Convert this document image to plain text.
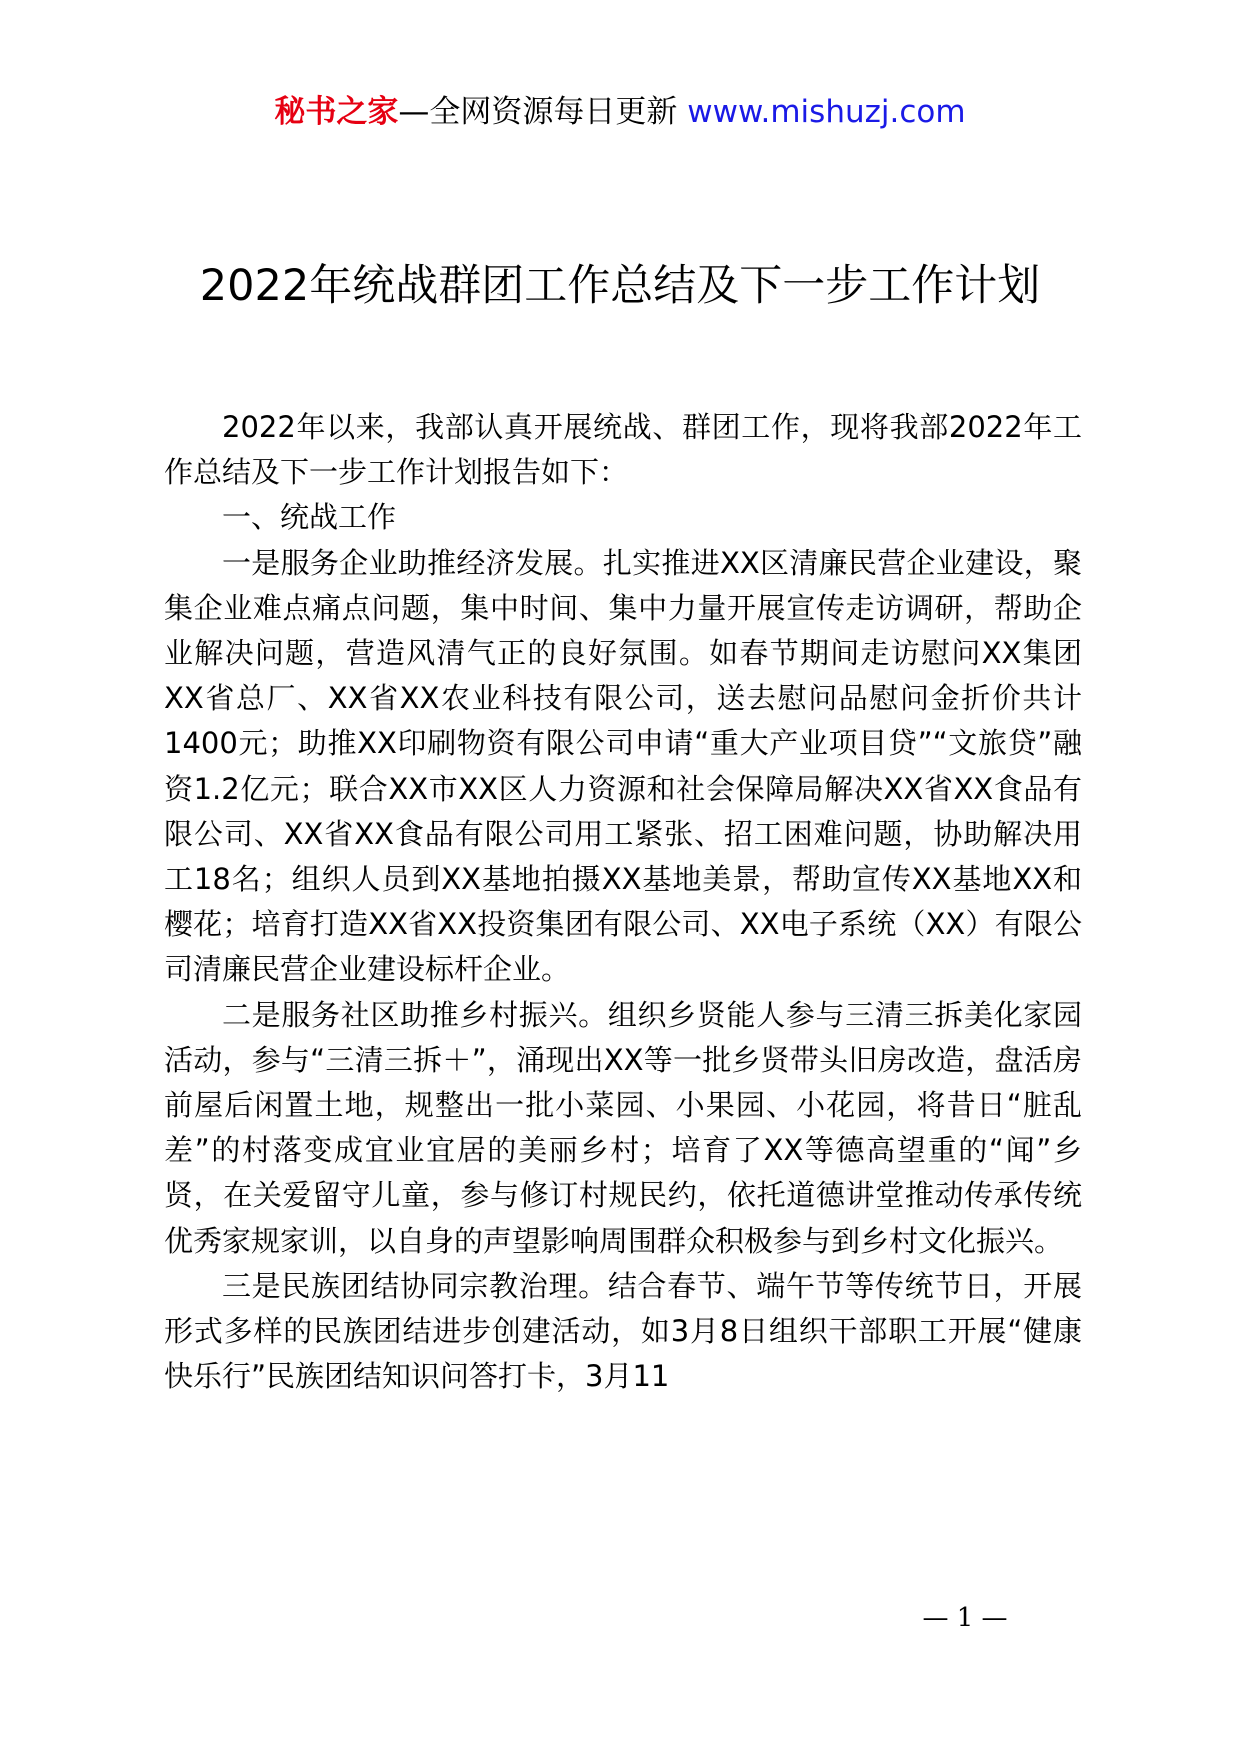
秘书之家—全网资源每日更新 www.mishuzj.com
2022年统战群团工作总结及下一步工作计划

2022年以来，我部认真开展统战、群团工作，现将我部2022年工作总结及下一步工作计划报告如下：

一、统战工作

一是服务企业助推经济发展。扎实推进XX区清廉民营企业建设，聚集企业难点痛点问题，集中时间、集中力量开展宣传走访调研，帮助企业解决问题，营造风清气正的良好氛围。如春节期间走访慰问XX集团XX省总厂、XX省XX农业科技有限公司，送去慰问品慰问金折价共计1400元；助推XX印刷物资有限公司申请“重大产业项目贷”“文旅贷”融资1.2亿元；联合XX市XX区人力资源和社会保障局解决XX省XX食品有限公司、XX省XX食品有限公司用工紧张、招工困难问题，协助解决用工18名；组织人员到XX基地拍摄XX基地美景，帮助宣传XX基地XX和樱花；培育打造XX省XX投资集团有限公司、XX电子系统（XX）有限公司清廉民营企业建设标杆企业。

二是服务社区助推乡村振兴。组织乡贤能人参与三清三拆美化家园活动，参与“三清三拆＋”，涌现出XX等一批乡贤带头旧房改造，盘活房前屋后闲置土地，规整出一批小菜园、小果园、小花园，将昔日“脏乱差”的村落变成宜业宜居的美丽乡村；培育了XX等德高望重的“闻”乡贤，在关爱留守儿童，参与修订村规民约，依托道德讲堂推动传承传统优秀家规家训，以自身的声望影响周围群众积极参与到乡村文化振兴。

三是民族团结协同宗教治理。结合春节、端午节等传统节日，开展形式多样的民族团结进步创建活动，如3月8日组织干部职工开展“健康快乐行”民族团结知识问答打卡，3月11

— 1 —
